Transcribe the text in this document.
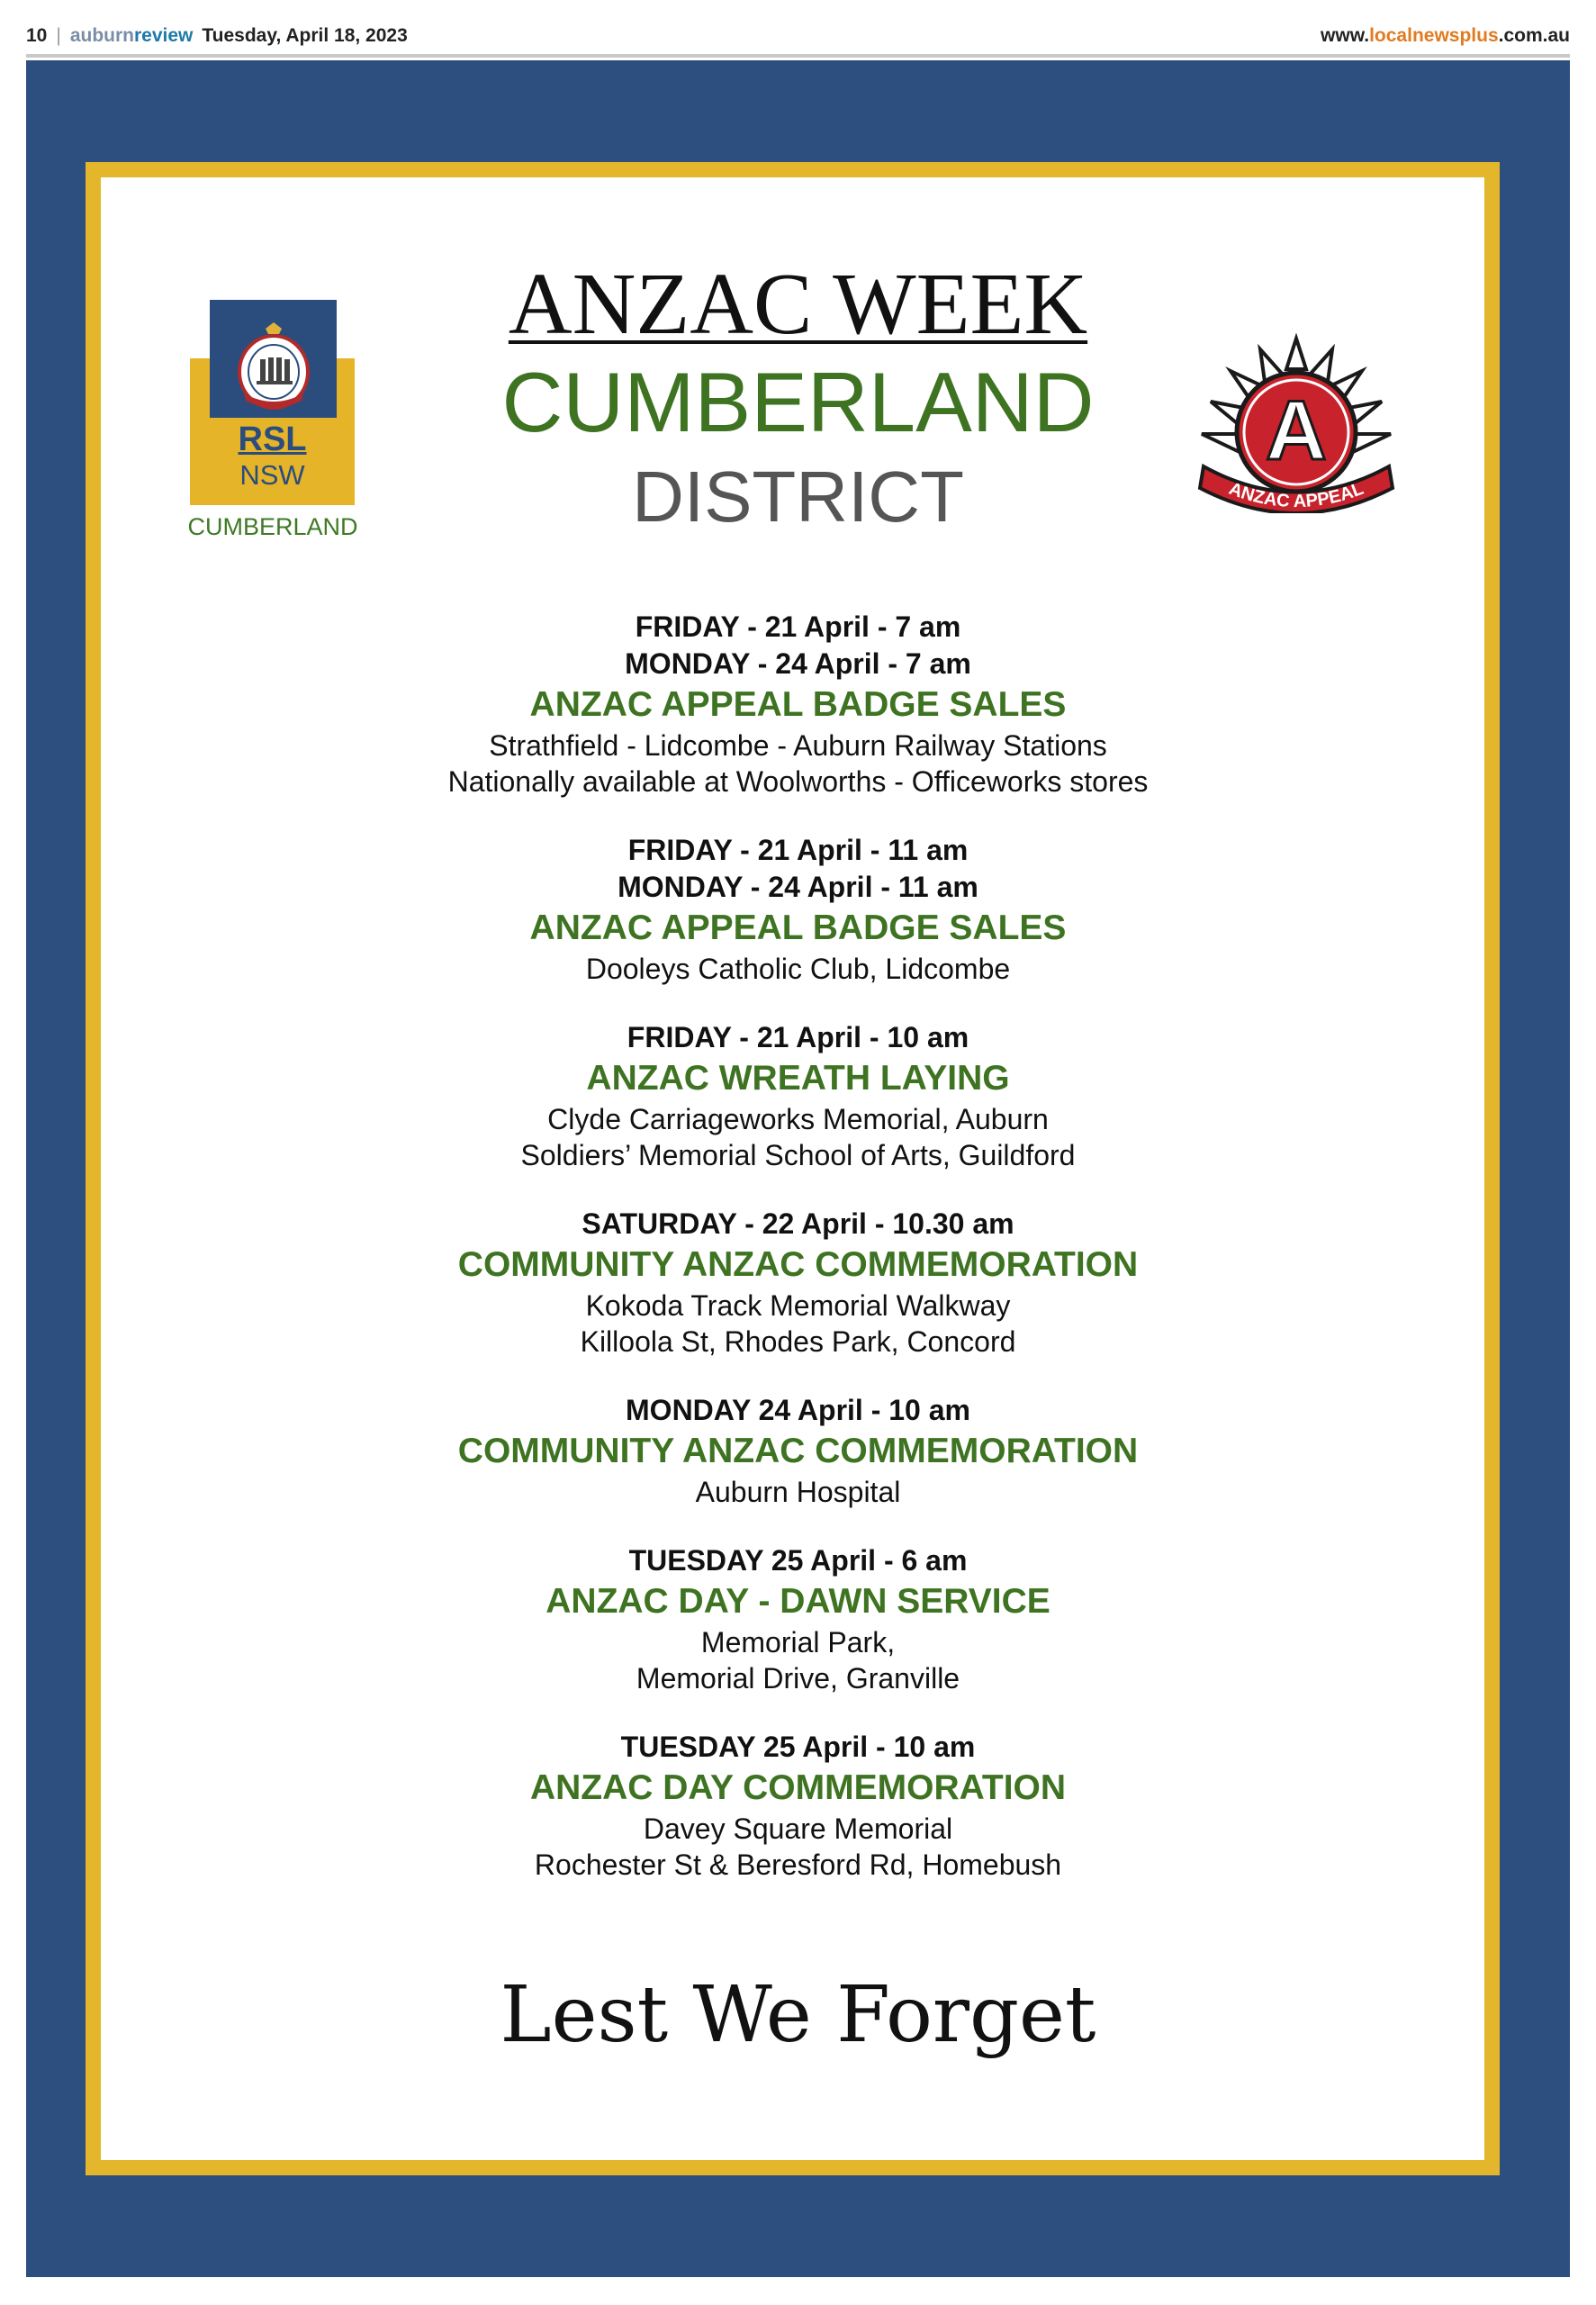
10 | auburnreview Tuesday, April 18, 2023	www.localnewsplus.com.au
RSL
NSW
CUMBERLAND
A
ANZAC APPEAL
ANZAC WEEK
CUMBERLAND
DISTRICT
FRIDAY - 21 April - 7 am
MONDAY - 24 April - 7 am
ANZAC APPEAL BADGE SALES
Strathfield - Lidcombe - Auburn Railway Stations
Nationally available at Woolworths - Officeworks stores
FRIDAY - 21 April - 11 am
MONDAY - 24 April - 11 am
ANZAC APPEAL BADGE SALES
Dooleys Catholic Club, Lidcombe
FRIDAY - 21 April - 10 am
ANZAC WREATH LAYING
Clyde Carriageworks Memorial, Auburn
Soldiers’ Memorial School of Arts, Guildford
SATURDAY - 22 April - 10.30 am
COMMUNITY ANZAC COMMEMORATION
Kokoda Track Memorial Walkway
Killoola St, Rhodes Park, Concord
MONDAY 24 April - 10 am
COMMUNITY ANZAC COMMEMORATION
Auburn Hospital
TUESDAY 25 April - 6 am
ANZAC DAY - DAWN SERVICE
Memorial Park,
Memorial Drive, Granville
TUESDAY 25 April - 10 am
ANZAC DAY COMMEMORATION
Davey Square Memorial
Rochester St & Beresford Rd, Homebush
Lest We Forget
